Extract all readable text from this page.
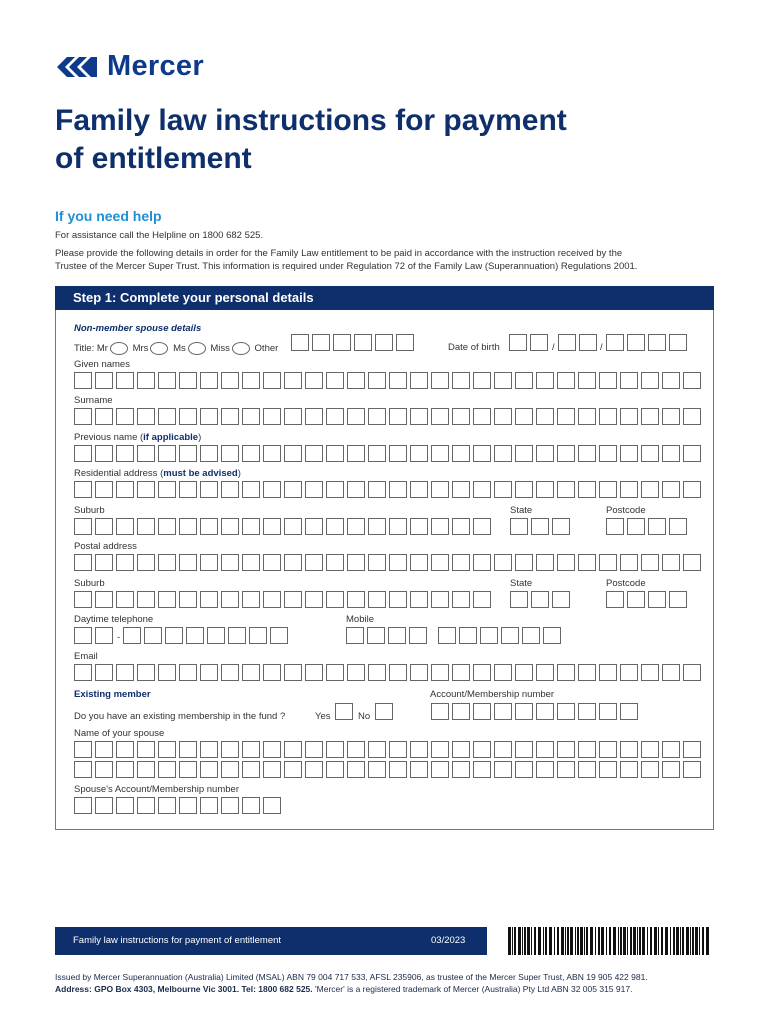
Mercer
Family law instructions for payment
of entitlement
If you need help
For assistance call the Helpline on 1800 682 525.
Please provide the following details in order for the Family Law entitlement to be paid in accordance with the instruction received by the
Trustee of the Mercer Super Trust. This information is required under Regulation 72 of the Family Law (Superannuation) Regulations 2001.
Step 1: Complete your personal details
Non-member spouse details
Title: Mr	Mrs	Ms	Miss	Other	Date of birth	/	/
Given names
Surname
Previous name (if applicable)
Residential address (must be advised)
Suburb	State	Postcode
Postal address
Suburb	State	Postcode
Daytime telephone	Mobile
-
Email
Existing member	Account/Membership number
Do you have an existing membership in the fund ?	Yes	No
Name of your spouse
Spouse's Account/Membership number
Family law instructions for payment of entitlement	03/2023
Issued by Mercer Superannuation (Australia) Limited (MSAL) ABN 79 004 717 533, AFSL 235906, as trustee of the Mercer Super Trust, ABN 19 905 422 981.
Address: GPO Box 4303, Melbourne Vic 3001. Tel: 1800 682 525. 'Mercer' is a registered trademark of Mercer (Australia) Pty Ltd ABN 32 005 315 917.
